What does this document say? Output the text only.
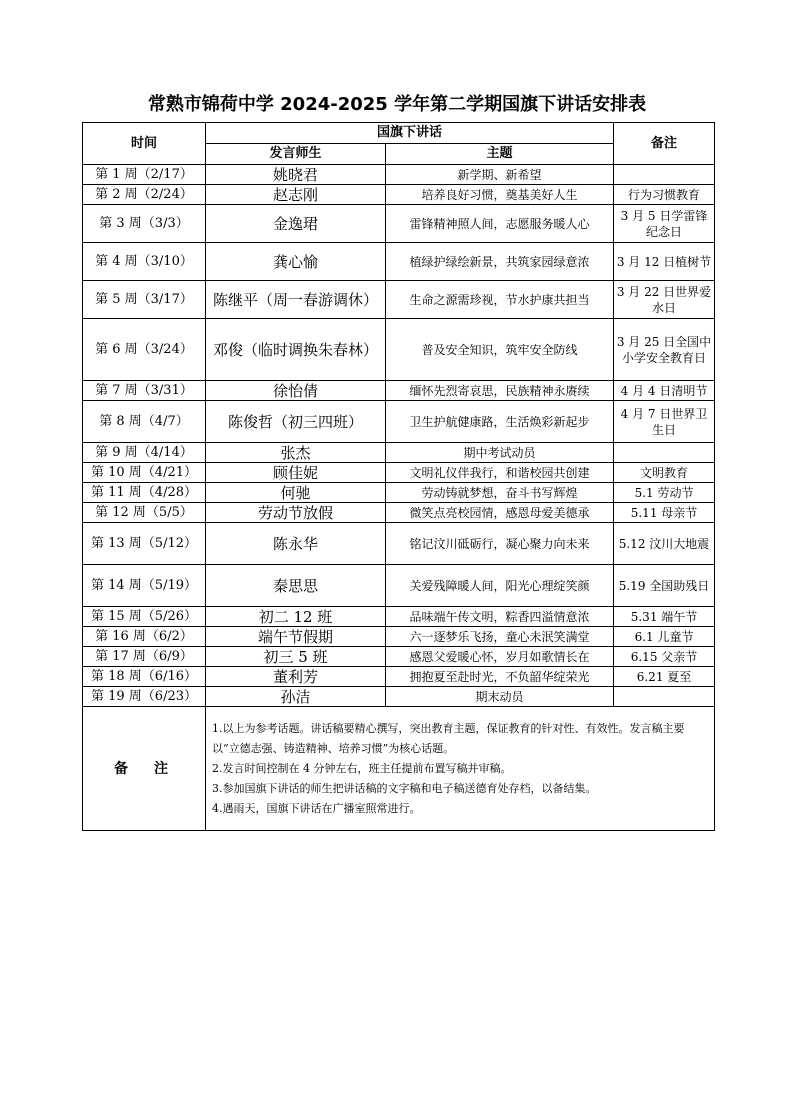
常熟市锦荷中学 2024-2025 学年第二学期国旗下讲话安排表
时间	国旗下讲话		备注
	发言师生	主题	
第 1 周（2/17）	姚晓君	新学期、新希望	
第 2 周（2/24）	赵志刚	培养良好习惯，奠基美好人生	行为习惯教育
第 3 周（3/3）	金逸珺	雷锋精神照人间，志愿服务暖人心	3 月 5 日学雷锋纪念日
第 4 周（3/10）	龚心愉	植绿护绿绘新景，共筑家园绿意浓	3 月 12 日植树节
第 5 周（3/17）	陈继平（周一春游调休）	生命之源需珍视，节水护康共担当	3 月 22 日世界爱水日
第 6 周（3/24）	邓俊（临时调换朱春林）	普及安全知识，筑牢安全防线	3 月 25 日全国中小学安全教育日
第 7 周（3/31）	徐怡倩	缅怀先烈寄哀思，民族精神永赓续	4 月 4 日清明节
第 8 周（4/7）	陈俊哲（初三四班）	卫生护航健康路，生活焕彩新起步	4 月 7 日世界卫生日
第 9 周（4/14）	张杰	期中考试动员	
第 10 周（4/21）	顾佳妮	文明礼仪伴我行，和谐校园共创建	文明教育
第 11 周（4/28）	何驰	劳动铸就梦想，奋斗书写辉煌	5.1 劳动节
第 12 周（5/5）	劳动节放假	微笑点亮校园情，感恩母爱美德承	5.11 母亲节
第 13 周（5/12）	陈永华	铭记汶川砥砺行，凝心聚力向未来	5.12 汶川大地震
第 14 周（5/19）	秦思思	关爱残障暖人间，阳光心理绽笑颜	5.19 全国助残日
第 15 周（5/26）	初二 12 班	品味端午传文明，粽香四溢情意浓	5.31 端午节
第 16 周（6/2）	端午节假期	六一逐梦乐飞扬，童心未泯笑满堂	6.1 儿童节
第 17 周（6/9）	初三 5 班	感恩父爱暖心怀，岁月如歌情长在	6.15 父亲节
第 18 周（6/16）	董利芳	拥抱夏至赴时光，不负韶华绽荣光	6.21 夏至
第 19 周（6/23）	孙洁	期末动员	
备　注	1.以上为参考话题。讲话稿要精心撰写，突出教育主题，保证教育的针对性、有效性。发言稿主要以“立德志强、铸造精神、培养习惯”为核心话题。

2.发言时间控制在 4 分钟左右，班主任提前布置写稿并审稿。

3.参加国旗下讲话的师生把讲话稿的文字稿和电子稿送德育处存档，以备结集。

4.遇雨天，国旗下讲话在广播室照常进行。		
